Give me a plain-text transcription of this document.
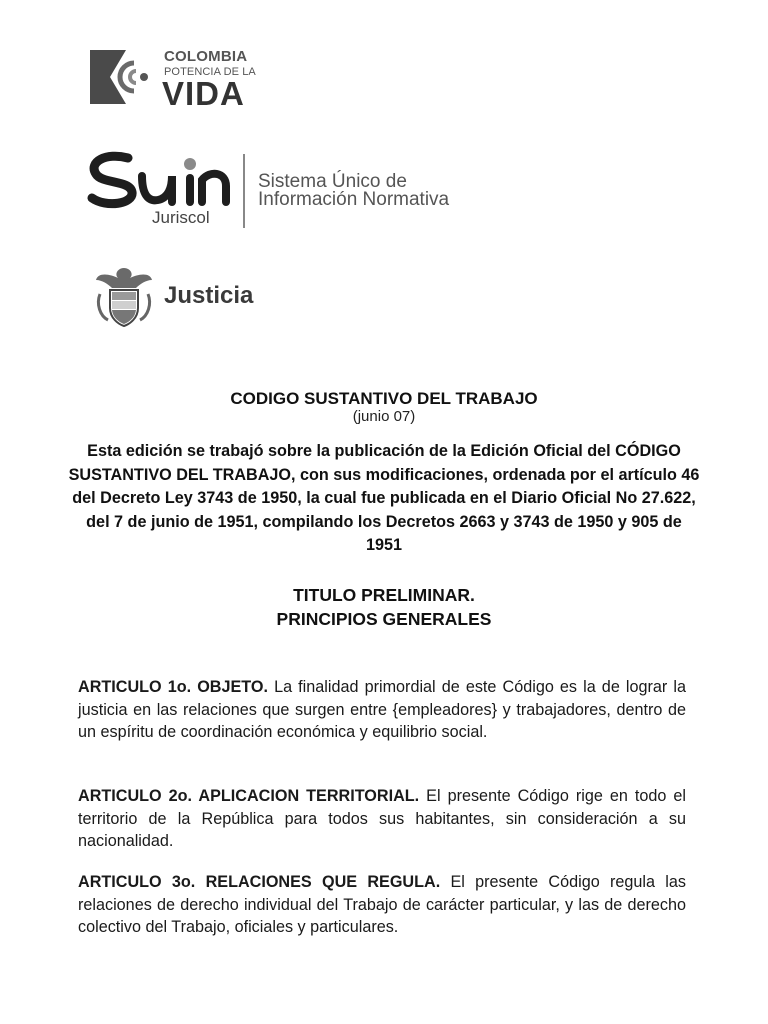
COLOMBIA
POTENCIA DE LA
VIDA
Juriscol
Sistema Único de
Información Normativa
Justicia
CODIGO SUSTANTIVO DEL TRABAJO
(junio 07)
Esta edición se trabajó sobre la publicación de la Edición Oficial del CÓDIGO SUSTANTIVO DEL TRABAJO, con sus modificaciones, ordenada por el artículo 46 del Decreto Ley 3743 de 1950, la cual fue publicada en el Diario Oficial No 27.622, del 7 de junio de 1951, compilando los Decretos 2663 y 3743 de 1950 y 905 de 1951
TITULO PRELIMINAR.
PRINCIPIOS GENERALES
ARTICULO 1o. OBJETO. La finalidad primordial de este Código es la de lograr la justicia en las relaciones que surgen entre {empleadores} y trabajadores, dentro de un espíritu de coordinación económica y equilibrio social.
ARTICULO 2o. APLICACION TERRITORIAL. El presente Código rige en todo el territorio de la República para todos sus habitantes, sin consideración a su nacionalidad.
ARTICULO 3o. RELACIONES QUE REGULA. El presente Código regula las relaciones de derecho individual del Trabajo de carácter particular, y las de derecho colectivo del Trabajo, oficiales y particulares.
